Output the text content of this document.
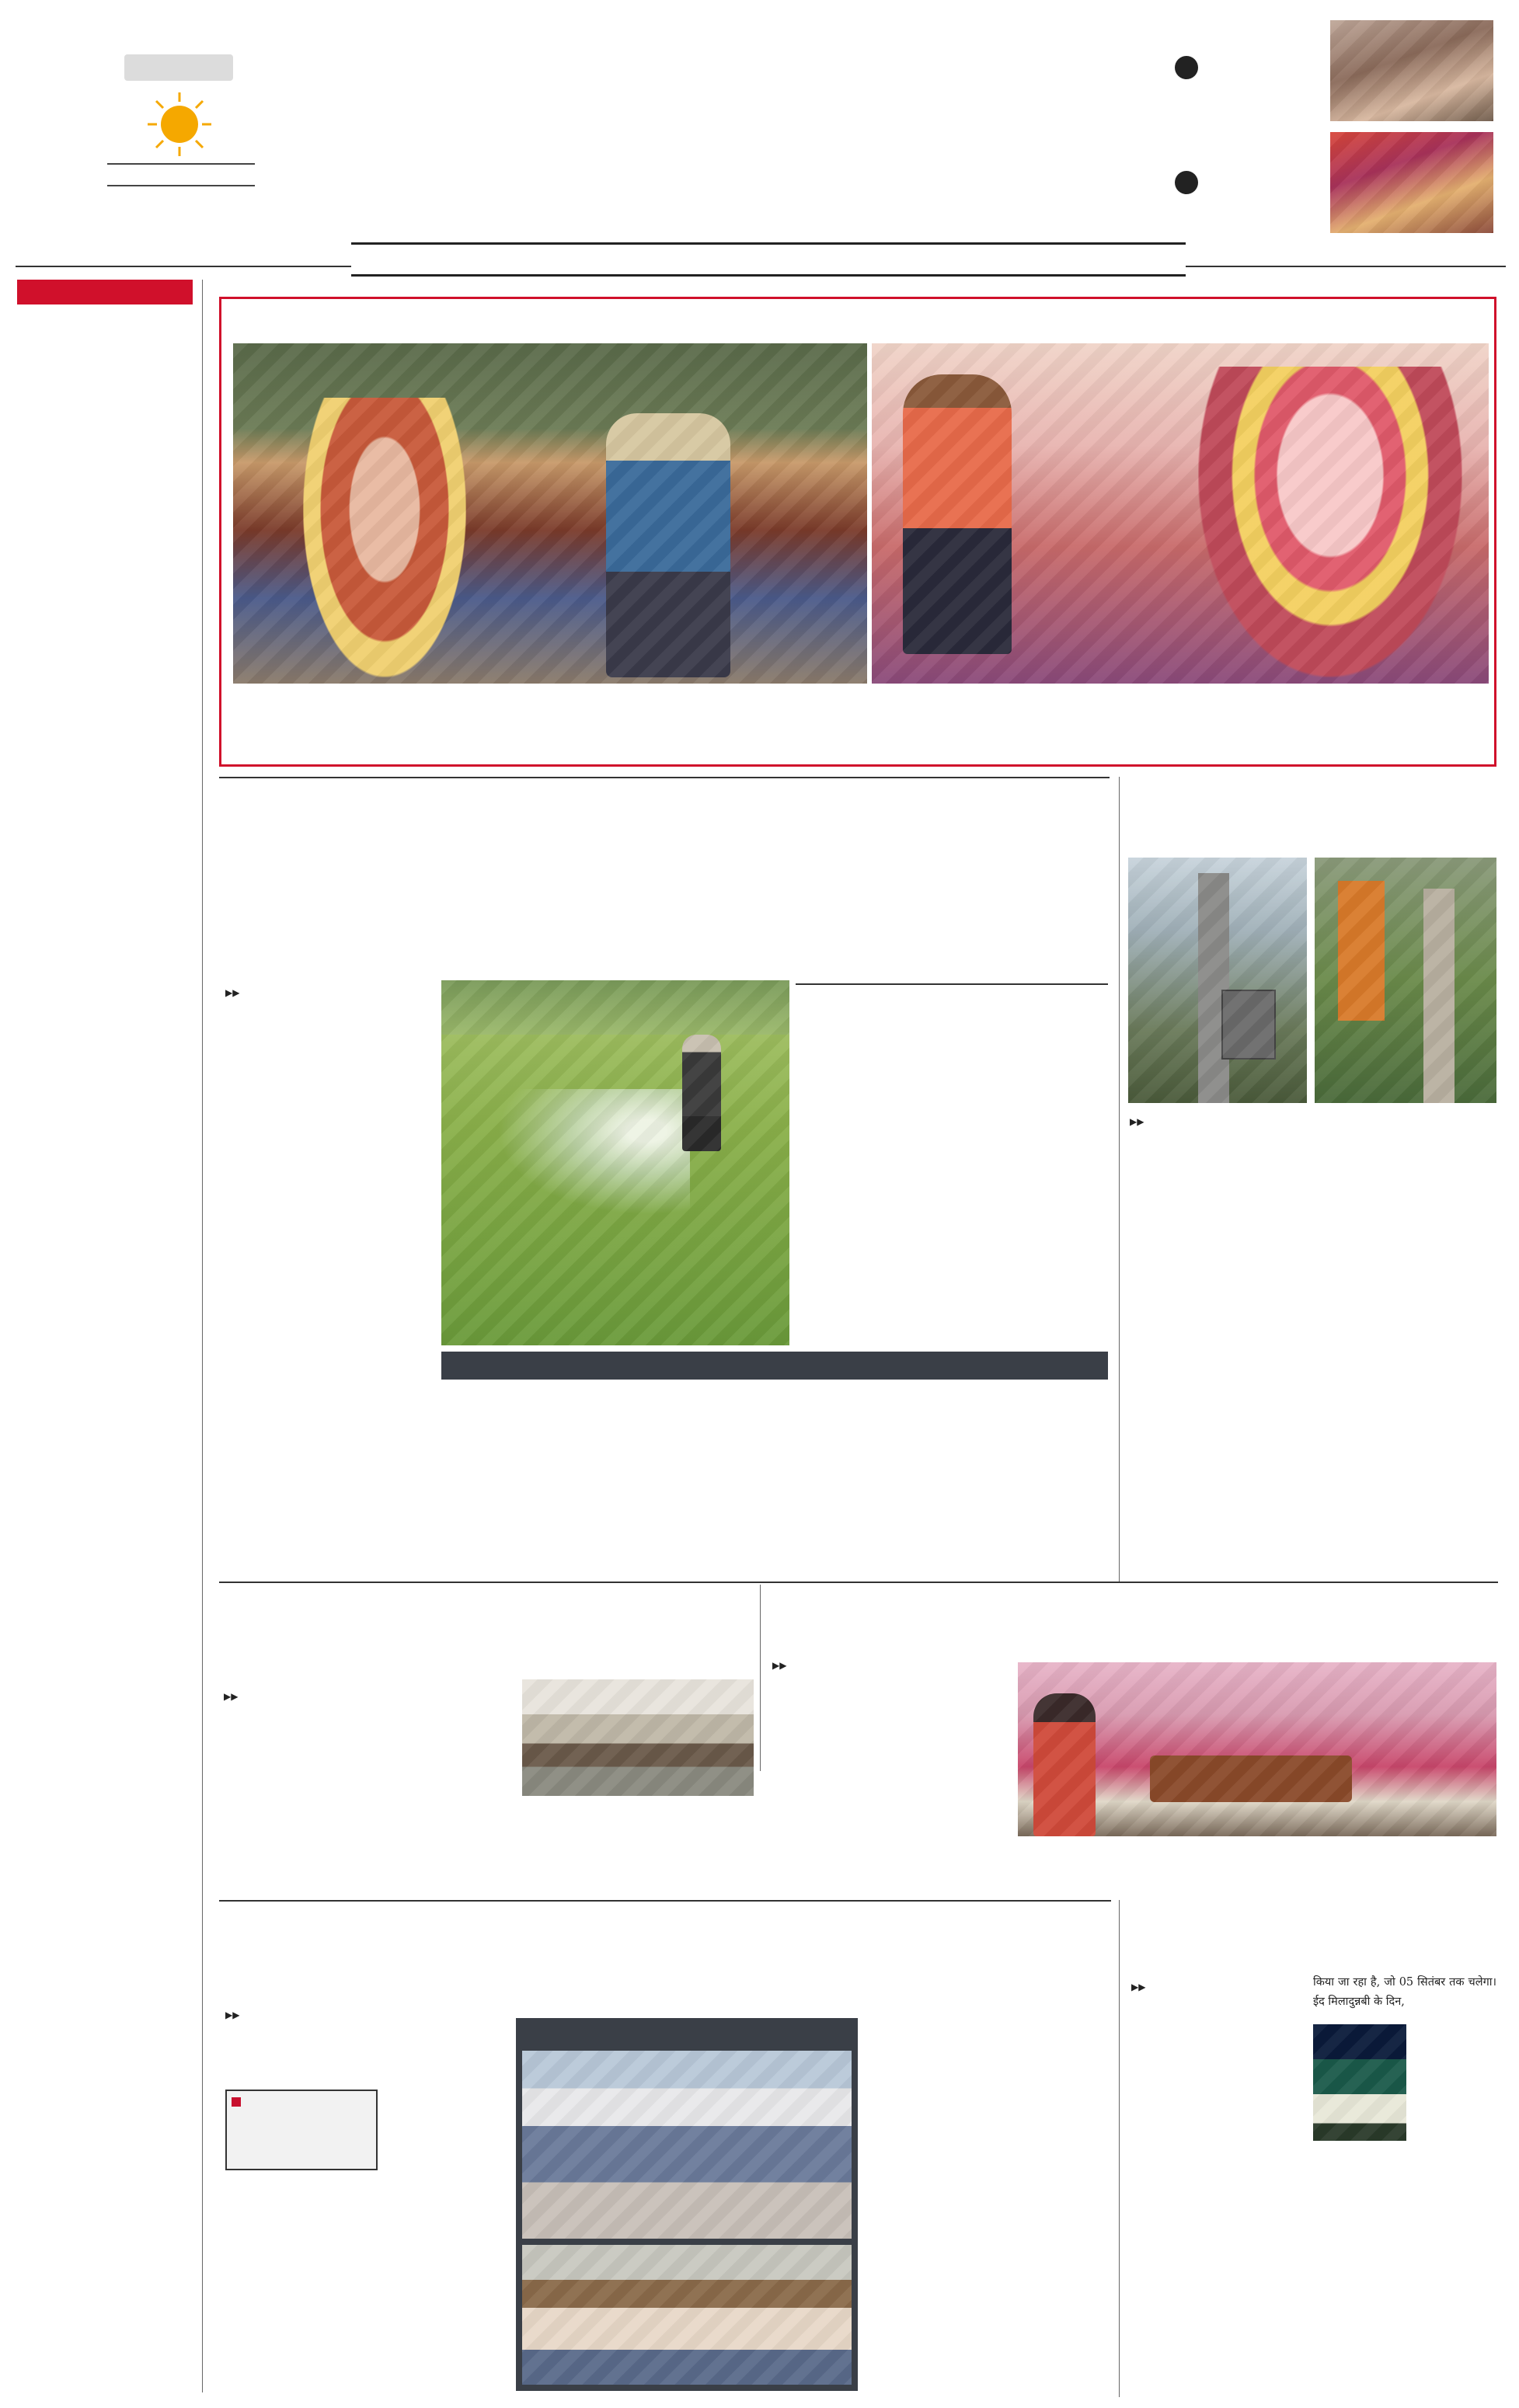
▶▶
▶▶
▶▶
▶▶
▶▶
▶▶	किया जा रहा है, जो 05 सितंबर तक चलेगा। ईद मिलादुन्नबी के दिन,
